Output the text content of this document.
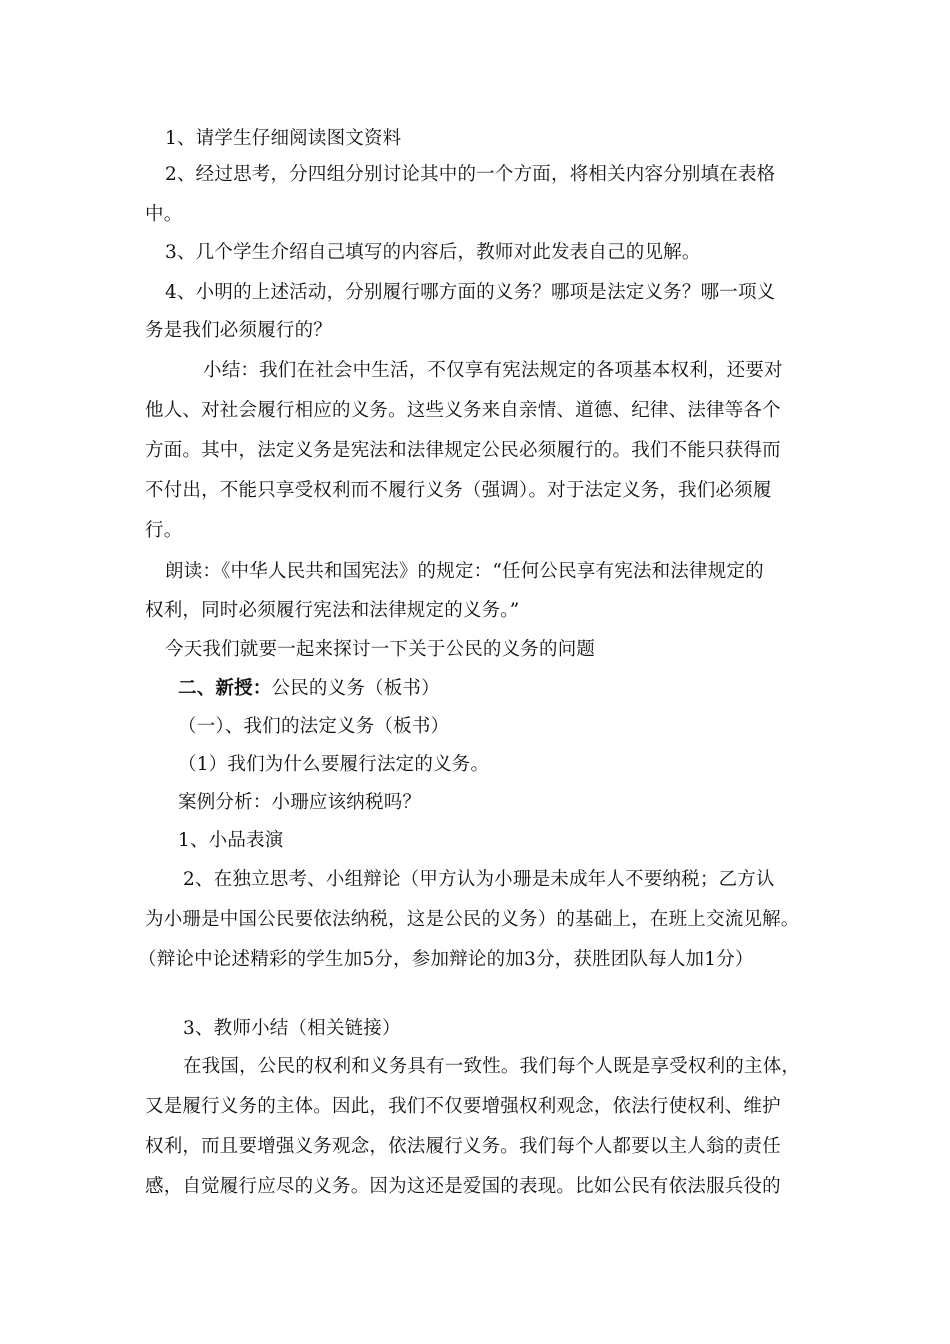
1、请学生仔细阅读图文资料
2、经过思考，分四组分别讨论其中的一个方面，将相关内容分别填在表格
中。
3、几个学生介绍自己填写的内容后，教师对此发表自己的见解。
4、小明的上述活动，分别履行哪方面的义务？哪项是法定义务？哪一项义
务是我们必须履行的？
小结：我们在社会中生活，不仅享有宪法规定的各项基本权利，还要对
他人、对社会履行相应的义务。这些义务来自亲情、道德、纪律、法律等各个
方面。其中，法定义务是宪法和法律规定公民必须履行的。我们不能只获得而
不付出，不能只享受权利而不履行义务（强调）。对于法定义务，我们必须履
行。
朗读：《中华人民共和国宪法》的规定：“任何公民享有宪法和法律规定的
权利，同时必须履行宪法和法律规定的义务。”
今天我们就要一起来探讨一下关于公民的义务的问题
二、新授：公民的义务（板书）
（一）、我们的法定义务（板书）
（1）我们为什么要履行法定的义务。
案例分析：小珊应该纳税吗？
1、小品表演
2、在独立思考、小组辩论（甲方认为小珊是未成年人不要纳税；乙方认
为小珊是中国公民要依法纳税，这是公民的义务）的基础上，在班上交流见解。
（辩论中论述精彩的学生加5分，参加辩论的加3分，获胜团队每人加1分）
3、教师小结（相关链接）
在我国，公民的权利和义务具有一致性。我们每个人既是享受权利的主体，
又是履行义务的主体。因此，我们不仅要增强权利观念，依法行使权利、维护
权利，而且要增强义务观念，依法履行义务。我们每个人都要以主人翁的责任
感，自觉履行应尽的义务。因为这还是爱国的表现。比如公民有依法服兵役的
